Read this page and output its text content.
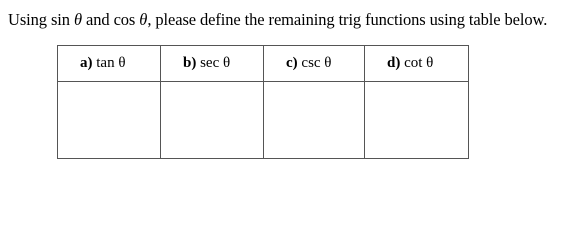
Using sin θ and cos θ, please define the remaining trig functions using table below.
a) tan θ	b) sec θ	c) csc θ	d) cot θ
